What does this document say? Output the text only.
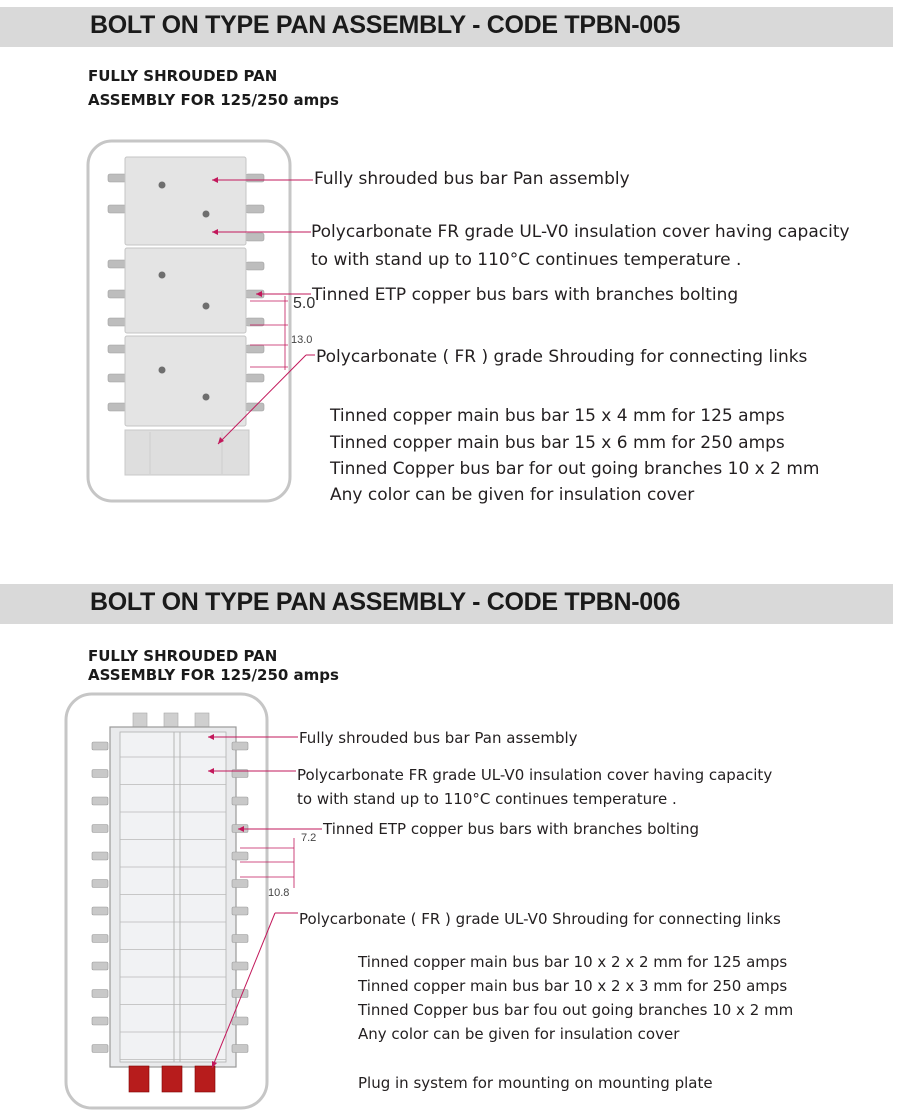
BOLT ON TYPE PAN ASSEMBLY - CODE TPBN-005
FULLY SHROUDED PAN
ASSEMBLY FOR 125/250 amps
5.0
13.0
Fully shrouded bus bar Pan assembly
Polycarbonate FR grade UL-V0 insulation cover having capacity
to with stand up to 110°C continues temperature .
Tinned ETP copper bus bars with branches bolting
Polycarbonate ( FR ) grade Shrouding for connecting links
Tinned copper main bus bar 15 x 4 mm for 125 amps
Tinned copper main bus bar 15 x 6 mm for 250 amps
Tinned Copper bus bar for out going branches 10 x 2 mm
Any color can be given for insulation cover
BOLT ON TYPE PAN ASSEMBLY - CODE TPBN-006
FULLY SHROUDED PAN
ASSEMBLY FOR 125/250 amps
7.2
10.8
Fully shrouded bus bar Pan assembly
Polycarbonate FR grade UL-V0 insulation cover having capacity
to with stand up to 110°C continues temperature .
Tinned ETP copper bus bars with branches bolting
Polycarbonate ( FR ) grade UL-V0 Shrouding for connecting links
Tinned copper main bus bar 10 x 2 x 2 mm for 125 amps
Tinned copper main bus bar 10 x 2 x 3 mm for 250 amps
Tinned Copper bus bar fou out going branches 10 x 2 mm
Any color can be given for insulation cover
Plug in system for mounting on mounting plate
